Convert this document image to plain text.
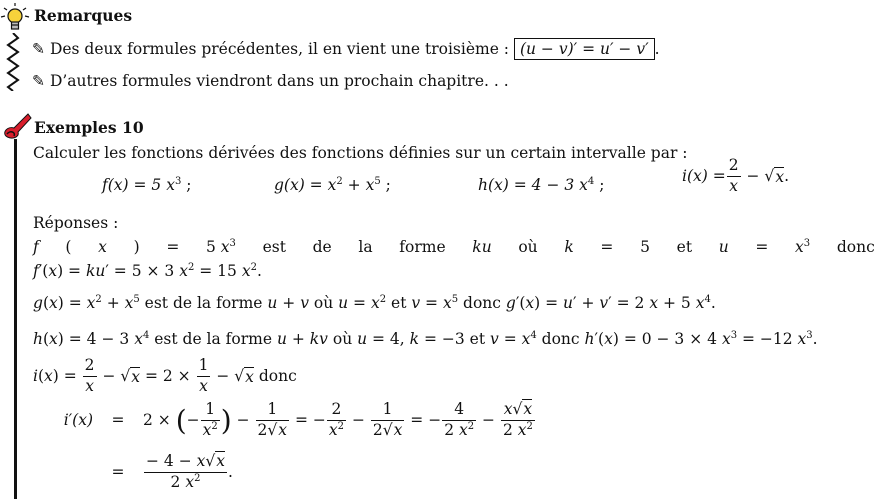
Remarques
✎ Des deux formules précédentes, il en vient une troisième : (u − v)′ = u′ − v′ .
✎ D’autres formules viendront dans un prochain chapitre. . .
Exemples 10
Calculer les fonctions dérivées des fonctions définies sur un certain intervalle par :
f(x) = 5 $x^3$ ;	$g(x) = x^2 + x^5$ ;	h(x) = 4 − 3 $x^4$ ;	$i(x) = \frac{2}{x}$ − √ x .
Réponses :
f ( x ) = 5 $x^3$ est de la forme ku où k = 5 et $u = x^3$ donc
f′(x) = ku′ = 5 × 3 $x^2 = 15$ $x^2$.
$g(x) = x^2 + x^5$ est de la forme u + v où $u = x^2$ et $v = x^5$ donc g′(x) = u′ + v′ = 2 x + 5 $x^4$.
h(x) = 4 − 3 $x^4$ est de la forme u + kv où u = 4, k = −3 et $v = x^4$ donc h′(x) = 0 − 3 × 4 $x^3 = -12$ $x^3$.
i ( x ) = $\frac{2}{x}$ − √ $x = 2 \times \frac{1}{x}$ − √ x
donc
i′(x)	=	2 × ( − $\frac{1}{x^2}$ ) − $\frac{1}{2√x}$ = − $\frac{2}{x^2} - \frac{1}{2√x}$ = − $\frac{4}{2 x^2} - \frac{x√x}{2 x^2}$
=	$\frac{- 4 - x√x}{2 x^2}$ .
